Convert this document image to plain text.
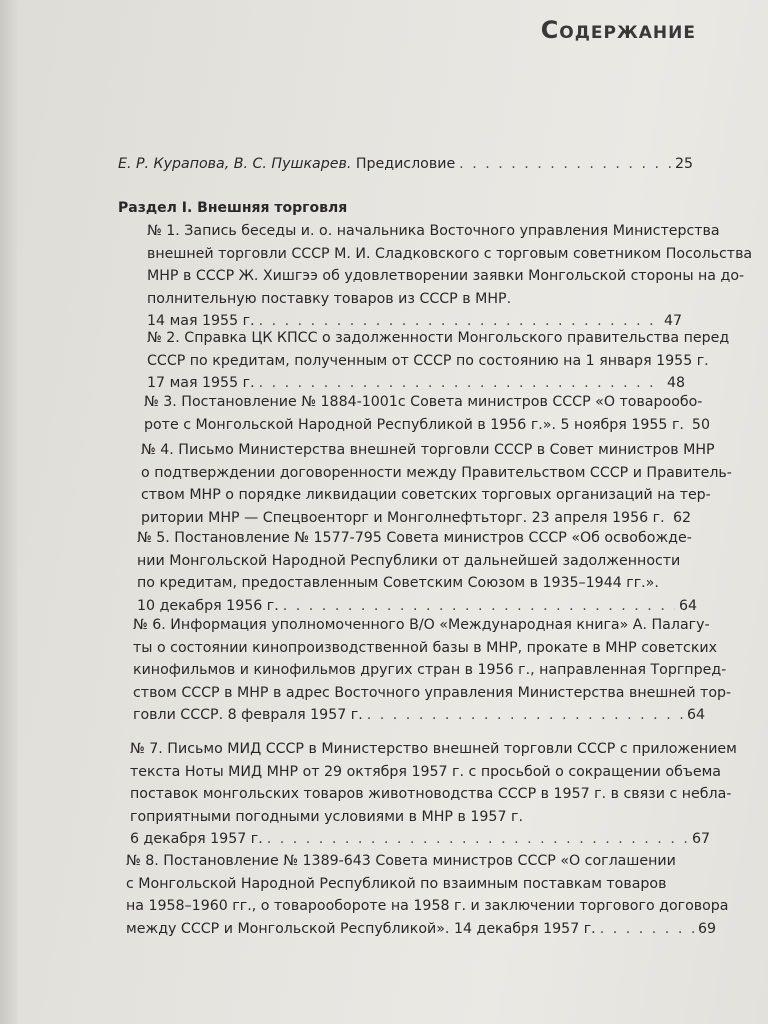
Содержание
Е. Р. Курапова, В. С. Пушкарев.
Предисловие . . .	25
Раздел I. Внешняя торговля
№ 1. Запись беседы и. о. начальника Восточного управления Министерства
внешней торговли СССР М. И. Сладковского с торговым советником Посольства
МНР в СССР Ж. Хишгээ об удовлетворении заявки Монгольской стороны на до-
полнительную поставку товаров из СССР в МНР.
14 мая 1955 г. . . .	47
№ 2. Справка ЦК КПСС о задолженности Монгольского правительства перед
СССР по кредитам, полученным от СССР по состоянию на 1 января 1955 г.
17 мая 1955 г. . . .	48
№ 3. Постановление № 1884-1001с Совета министров СССР «О товарообо-
роте с Монгольской Народной Республикой в 1956 г.». 5 ноября 1955 г. 50
№ 4. Письмо Министерства внешней торговли СССР в Совет министров МНР
о подтверждении договоренности между Правительством СССР и Правитель-
ством МНР о порядке ликвидации советских торговых организаций на тер-
ритории МНР — Спецвоенторг и Монголнефтьторг. 23 апреля 1956 г. . . . 62
№ 5. Постановление № 1577-795 Совета министров СССР «Об освобожде-
нии Монгольской Народной Республики от дальнейшей задолженности
по кредитам, предоставленным Советским Союзом в 1935–1944 гг.».
10 декабря 1956 г. . . .	64
№ 6. Информация уполномоченного В/О «Международная книга» А. Палагу-
ты о состоянии кинопроизводственной базы в МНР, прокате в МНР советских
кинофильмов и кинофильмов других стран в 1956 г., направленная Торгпред-
ством СССР в МНР в адрес Восточного управления Министерства внешней тор-
говли СССР. 8 февраля 1957 г. . . .	64
№ 7. Письмо МИД СССР в Министерство внешней торговли СССР с приложением
текста Ноты МИД МНР от 29 октября 1957 г. с просьбой о сокращении объема
поставок монгольских товаров животноводства СССР в 1957 г. в связи с небла-
гоприятными погодными условиями в МНР в 1957 г.
6 декабря 1957 г. . . .	67
№ 8. Постановление № 1389-643 Совета министров СССР «О соглашении
с Монгольской Народной Республикой по взаимным поставкам товаров
на 1958–1960 гг., о товарообороте на 1958 г. и заключении торгового договора
между СССР и Монгольской Республикой». 14 декабря 1957 г. . . .	69
